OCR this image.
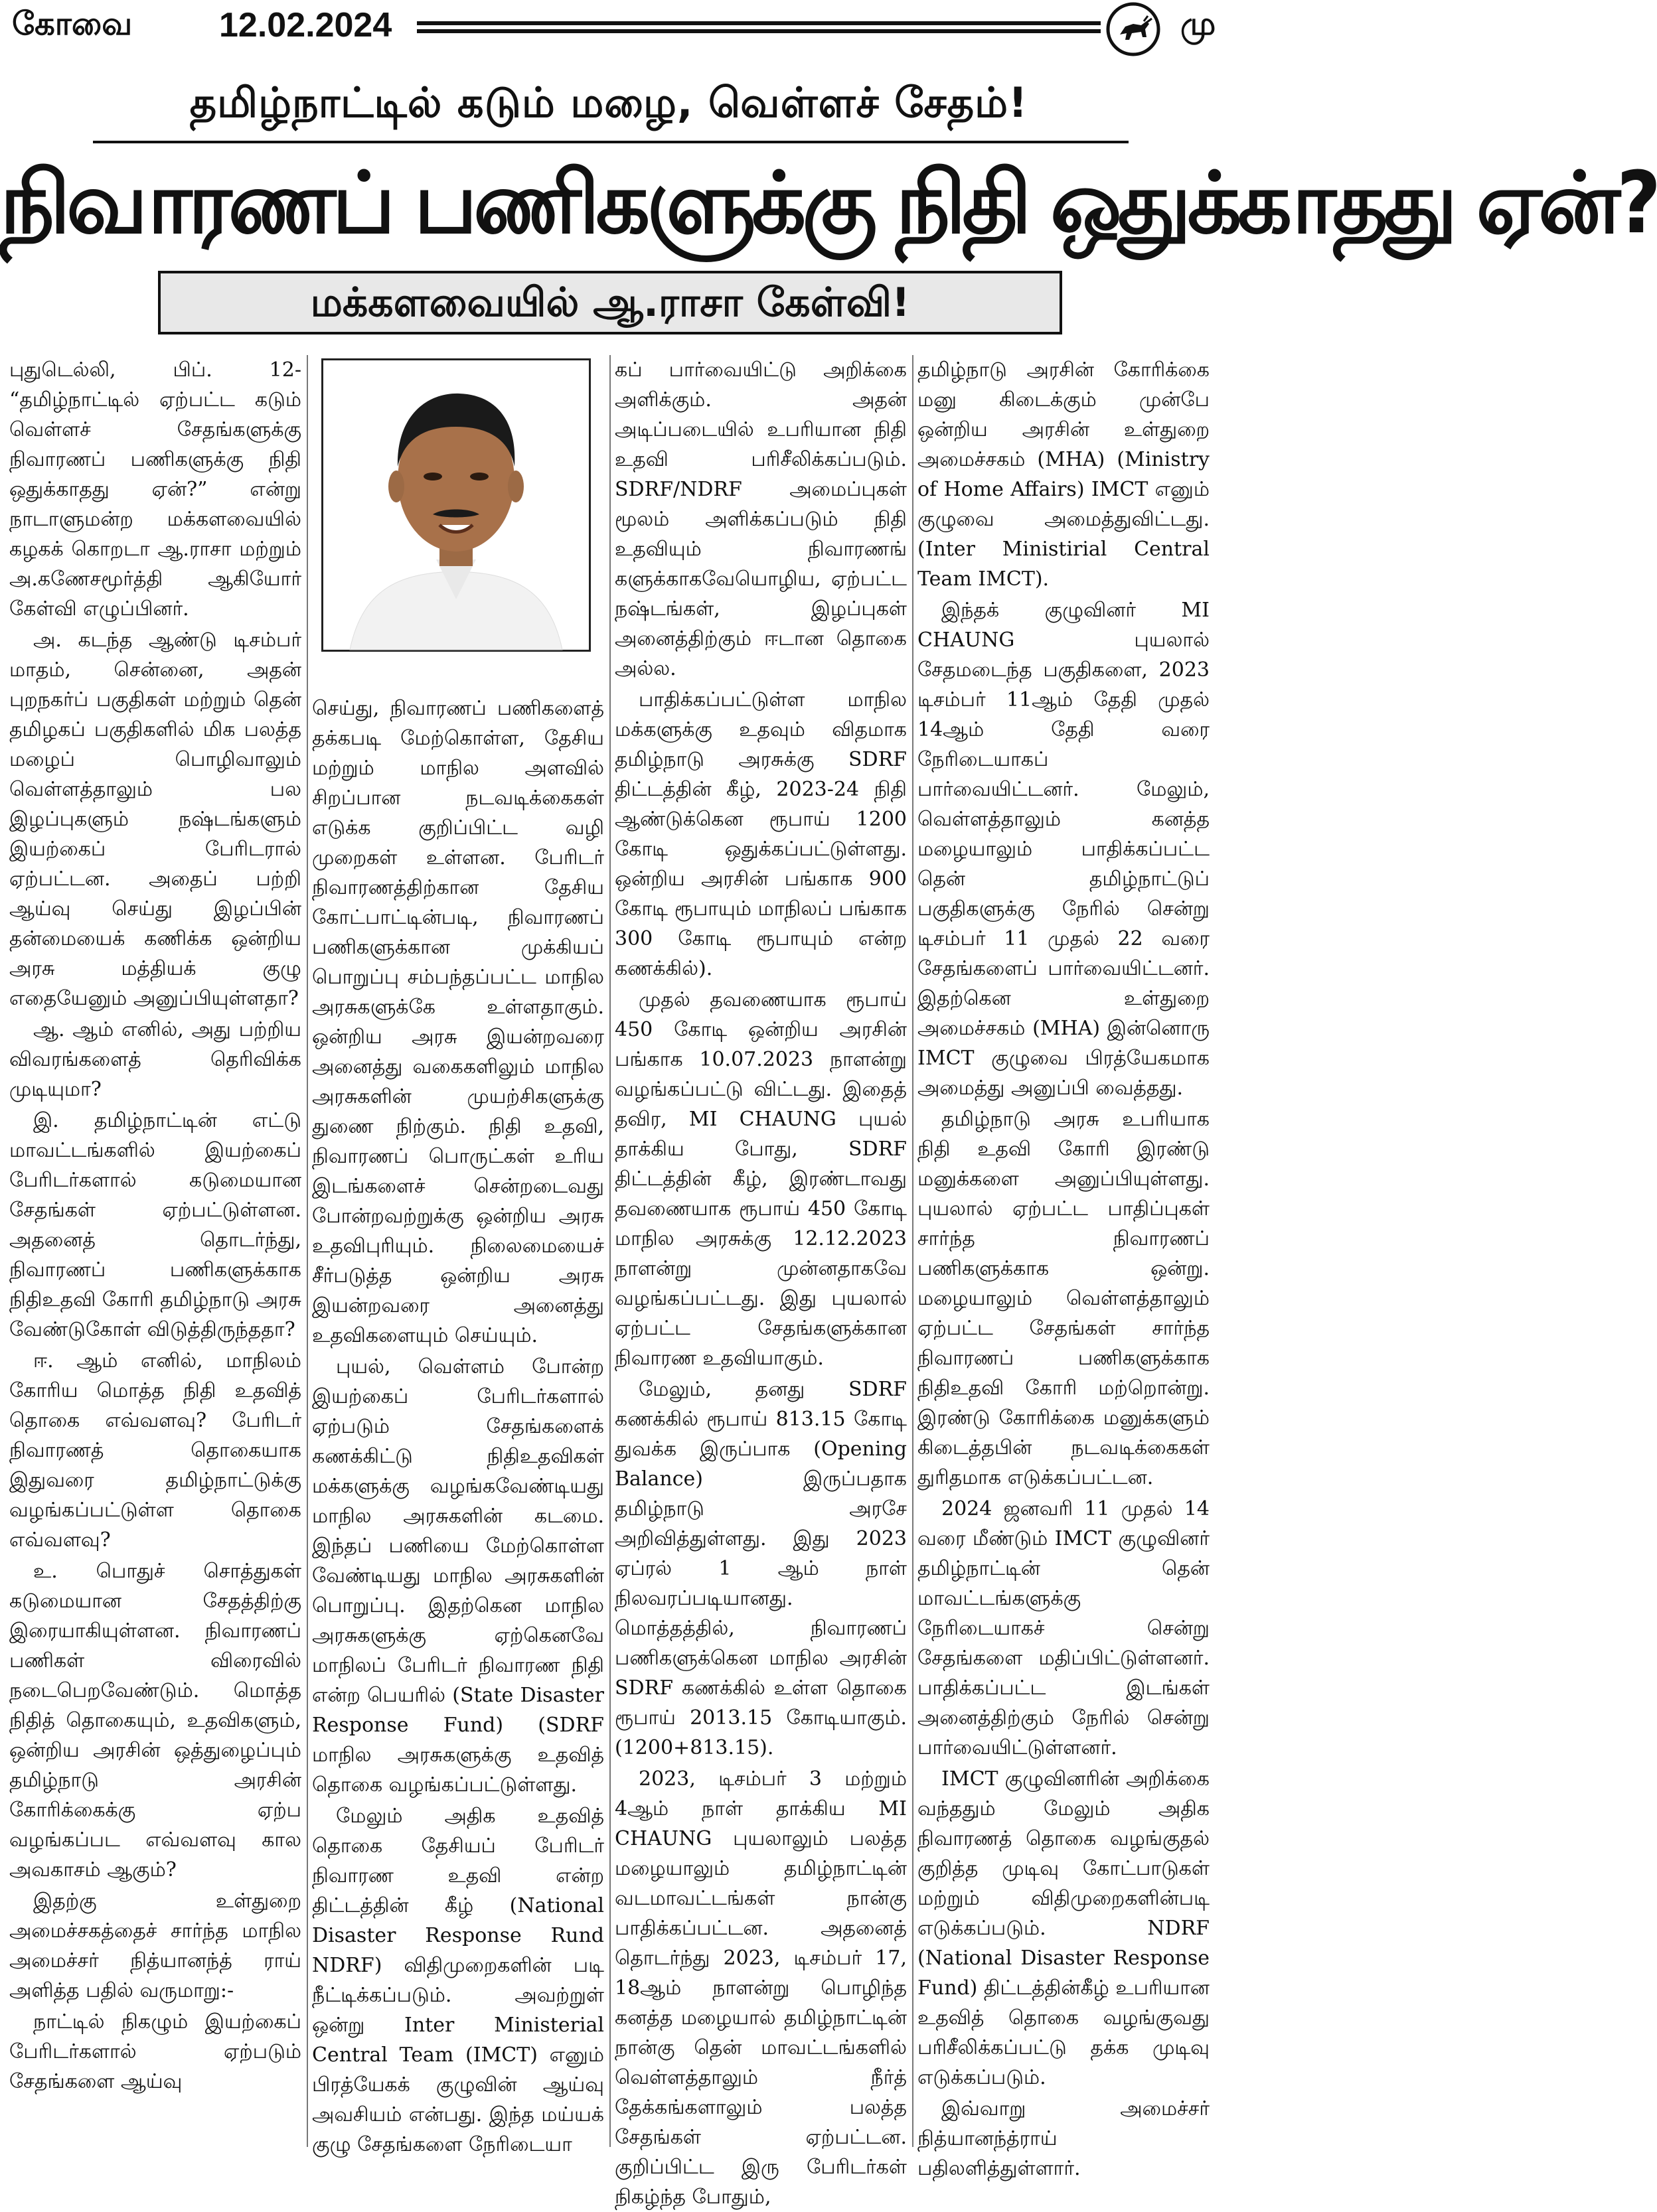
கோவை	12.02.2024	மு
தமிழ்நாட்டில் கடும் மழை, வெள்ளச் சேதம்!
நிவாரணப் பணிகளுக்கு நிதி ஒதுக்காதது ஏன்?
மக்களவையில் ஆ.ராசா கேள்வி!

புதுடெல்லி, பிப். 12- “தமிழ்நாட்டில் ஏற்பட்ட கடும் வெள்ளச் சேதங்களுக்கு நிவாரணப் பணிகளுக்கு நிதி ஒதுக்காதது ஏன்?” என்று நாடாளுமன்ற மக்களவையில் கழகக் கொறடா ஆ.ராசா மற்றும் அ.கணேசமூர்த்தி ஆகியோர் கேள்வி எழுப்பினர்.

அ. கடந்த ஆண்டு டிசம்பர் மாதம், சென்னை, அதன் புறநகர்ப் பகுதிகள் மற்றும் தென் தமிழகப் பகுதிகளில் மிக பலத்த மழைப் பொழிவாலும் வெள்ளத்தாலும் பல இழப்புகளும் நஷ்டங்களும் இயற்கைப் பேரிடரால் ஏற்பட்டன. அதைப் பற்றி ஆய்வு செய்து இழப்பின் தன்மையைக் கணிக்க ஒன்றிய அரசு மத்தியக் குழு எதையேனும் அனுப்பியுள்ளதா?

ஆ. ஆம் எனில், அது பற்றிய விவரங்களைத் தெரிவிக்க முடியுமா?

இ. தமிழ்நாட்டின் எட்டு மாவட்டங்களில் இயற்கைப் பேரிடர்களால் கடுமையான சேதங்கள் ஏற்பட்டுள்ளன. அதனைத் தொடர்ந்து, நிவாரணப் பணிகளுக்காக நிதிஉதவி கோரி தமிழ்நாடு அரசு வேண்டுகோள் விடுத்திருந்ததா?

ஈ. ஆம் எனில், மாநிலம் கோரிய மொத்த நிதி உதவித் தொகை எவ்வளவு? பேரிடர் நிவாரணத் தொகையாக இதுவரை தமிழ்நாட்டுக்கு வழங்கப்பட்டுள்ள தொகை எவ்வளவு?

உ. பொதுச் சொத்துகள் கடுமையான சேதத்திற்கு இரையாகியுள்ளன. நிவாரணப் பணிகள் விரைவில் நடைபெறவேண்டும். மொத்த நிதித் தொகையும், உதவிகளும், ஒன்றிய அரசின் ஒத்துழைப்பும் தமிழ்நாடு அரசின் கோரிக்கைக்கு ஏற்ப வழங்கப்பட எவ்வளவு கால அவகாசம் ஆகும்?

இதற்கு உள்துறை அமைச்சகத்தைச் சார்ந்த மாநில அமைச்சர் நித்யானந்த் ராய் அளித்த பதில் வருமாறு:-

நாட்டில் நிகழும் இயற்கைப் பேரிடர்களால் ஏற்படும் சேதங்களை ஆய்வு

செய்து, நிவாரணப் பணிகளைத் தக்கபடி மேற்கொள்ள, தேசிய மற்றும் மாநில அளவில் சிறப்பான நடவடிக்கைகள் எடுக்க குறிப்பிட்ட வழி முறைகள் உள்ளன. பேரிடர் நிவாரணத்திற்கான தேசிய கோட்பாட்டின்படி, நிவாரணப் பணிகளுக்கான முக்கியப் பொறுப்பு சம்பந்தப்பட்ட மாநில அரசுகளுக்கே உள்ளதாகும். ஒன்றிய அரசு இயன்றவரை அனைத்து வகைகளிலும் மாநில அரசுகளின் முயற்சிகளுக்கு துணை நிற்கும். நிதி உதவி, நிவாரணப் பொருட்கள் உரிய இடங்களைச் சென்றடைவது போன்றவற்றுக்கு ஒன்றிய அரசு உதவிபுரியும். நிலைமையைச் சீர்படுத்த ஒன்றிய அரசு இயன்றவரை அனைத்து உதவிகளையும் செய்யும்.

புயல், வெள்ளம் போன்ற இயற்கைப் பேரிடர்களால் ஏற்படும் சேதங்களைக் கணக்கிட்டு நிதிஉதவிகள் மக்களுக்கு வழங்கவேண்டியது மாநில அரசுகளின் கடமை. இந்தப் பணியை மேற்கொள்ள வேண்டியது மாநில அரசுகளின் பொறுப்பு. இதற்கென மாநில அரசுகளுக்கு ஏற்கெனவே மாநிலப் பேரிடர் நிவாரண நிதி என்ற பெயரில் (State Disaster Response Fund) (SDRF மாநில அரசுகளுக்கு உதவித் தொகை வழங்கப்பட்டுள்ளது.

மேலும் அதிக உதவித் தொகை தேசியப் பேரிடர் நிவாரண உதவி என்ற திட்டத்தின் கீழ் (National Disaster Response Rund NDRF) விதிமுறைகளின் படி நீட்டிக்கப்படும். அவற்றுள் ஒன்று Inter Ministerial Central Team (IMCT) எனும் பிரத்யேகக் குழுவின் ஆய்வு அவசியம் என்பது. இந்த மய்யக் குழு சேதங்களை நேரிடையா

கப் பார்வையிட்டு அறிக்கை அளிக்கும். அதன் அடிப்படையில் உபரியான நிதி உதவி பரிசீலிக்கப்படும். SDRF/NDRF அமைப்புகள் மூலம் அளிக்கப்படும் நிதி உதவியும் நிவாரணங் களுக்காகவேயொழிய, ஏற்பட்ட நஷ்டங்கள், இழப்புகள் அனைத்திற்கும் ஈடான தொகை அல்ல.

பாதிக்கப்பட்டுள்ள மாநில மக்களுக்கு உதவும் விதமாக தமிழ்நாடு அரசுக்கு SDRF திட்டத்தின் கீழ், 2023-24 நிதி ஆண்டுக்கென ரூபாய் 1200 கோடி ஒதுக்கப்பட்டுள்ளது. ஒன்றிய அரசின் பங்காக 900 கோடி ரூபாயும் மாநிலப் பங்காக 300 கோடி ரூபாயும் என்ற கணக்கில்).

முதல் தவணையாக ரூபாய் 450 கோடி ஒன்றிய அரசின் பங்காக 10.07.2023 நாளன்று வழங்கப்பட்டு விட்டது. இதைத் தவிர, MI CHAUNG புயல் தாக்கிய போது, SDRF திட்டத்தின் கீழ், இரண்டாவது தவணையாக ரூபாய் 450 கோடி மாநில அரசுக்கு 12.12.2023 நாளன்று முன்னதாகவே வழங்கப்பட்டது. இது புயலால் ஏற்பட்ட சேதங்களுக்கான நிவாரண உதவியாகும்.

மேலும், தனது SDRF கணக்கில் ரூபாய் 813.15 கோடி துவக்க இருப்பாக (Opening Balance) இருப்பதாக தமிழ்நாடு அரசே அறிவித்துள்ளது. இது 2023 ஏப்ரல் 1 ஆம் நாள் நிலவரப்படியானது. மொத்தத்தில், நிவாரணப் பணிகளுக்கென மாநில அரசின் SDRF கணக்கில் உள்ள தொகை ரூபாய் 2013.15 கோடியாகும். (1200+813.15).

2023, டிசம்பர் 3 மற்றும் 4ஆம் நாள் தாக்கிய MI CHAUNG புயலாலும் பலத்த மழையாலும் தமிழ்நாட்டின் வடமாவட்டங்கள் நான்கு பாதிக்கப்பட்டன. அதனைத் தொடர்ந்து 2023, டிசம்பர் 17, 18ஆம் நாளன்று பொழிந்த கனத்த மழையால் தமிழ்நாட்டின் நான்கு தென் மாவட்டங்களில் வெள்ளத்தாலும் நீர்த் தேக்கங்களாலும் பலத்த சேதங்கள் ஏற்பட்டன. குறிப்பிட்ட இரு பேரிடர்கள் நிகழ்ந்த போதும்,

தமிழ்நாடு அரசின் கோரிக்கை மனு கிடைக்கும் முன்பே ஒன்றிய அரசின் உள்துறை அமைச்சகம் (MHA) (Ministry of Home Affairs) IMCT எனும் குழுவை அமைத்துவிட்டது. (Inter Ministirial Central Team IMCT).

இந்தக் குழுவினர் MI CHAUNG புயலால் சேதமடைந்த பகுதிகளை, 2023 டிசம்பர் 11ஆம் தேதி முதல் 14ஆம் தேதி வரை நேரிடையாகப் பார்வையிட்டனர். மேலும், வெள்ளத்தாலும் கனத்த மழையாலும் பாதிக்கப்பட்ட தென் தமிழ்நாட்டுப் பகுதிகளுக்கு நேரில் சென்று டிசம்பர் 11 முதல் 22 வரை சேதங்களைப் பார்வையிட்டனர். இதற்கென உள்துறை அமைச்சகம் (MHA) இன்னொரு IMCT குழுவை பிரத்யேகமாக அமைத்து அனுப்பி வைத்தது.

தமிழ்நாடு அரசு உபரியாக நிதி உதவி கோரி இரண்டு மனுக்களை அனுப்பியுள்ளது. புயலால் ஏற்பட்ட பாதிப்புகள் சார்ந்த நிவாரணப் பணிகளுக்காக ஒன்று. மழையாலும் வெள்ளத்தாலும் ஏற்பட்ட சேதங்கள் சார்ந்த நிவாரணப் பணிகளுக்காக நிதிஉதவி கோரி மற்றொன்று. இரண்டு கோரிக்கை மனுக்களும் கிடைத்தபின் நடவடிக்கைகள் துரிதமாக எடுக்கப்பட்டன.

2024 ஜனவரி 11 முதல் 14 வரை மீண்டும் IMCT குழுவினர் தமிழ்நாட்டின் தென் மாவட்டங்களுக்கு நேரிடையாகச் சென்று சேதங்களை மதிப்பிட்டுள்ளனர். பாதிக்கப்பட்ட இடங்கள் அனைத்திற்கும் நேரில் சென்று பார்வையிட்டுள்ளனர்.

IMCT குழுவினரின் அறிக்கை வந்ததும் மேலும் அதிக நிவாரணத் தொகை வழங்குதல் குறித்த முடிவு கோட்பாடுகள் மற்றும் விதிமுறைகளின்படி எடுக்கப்படும். NDRF (National Disaster Response Fund) திட்டத்தின்கீழ் உபரியான உதவித் தொகை வழங்குவது பரிசீலிக்கப்பட்டு தக்க முடிவு எடுக்கப்படும்.

இவ்வாறு அமைச்சர் நித்யானந்த்ராய் பதிலளித்துள்ளார்.
